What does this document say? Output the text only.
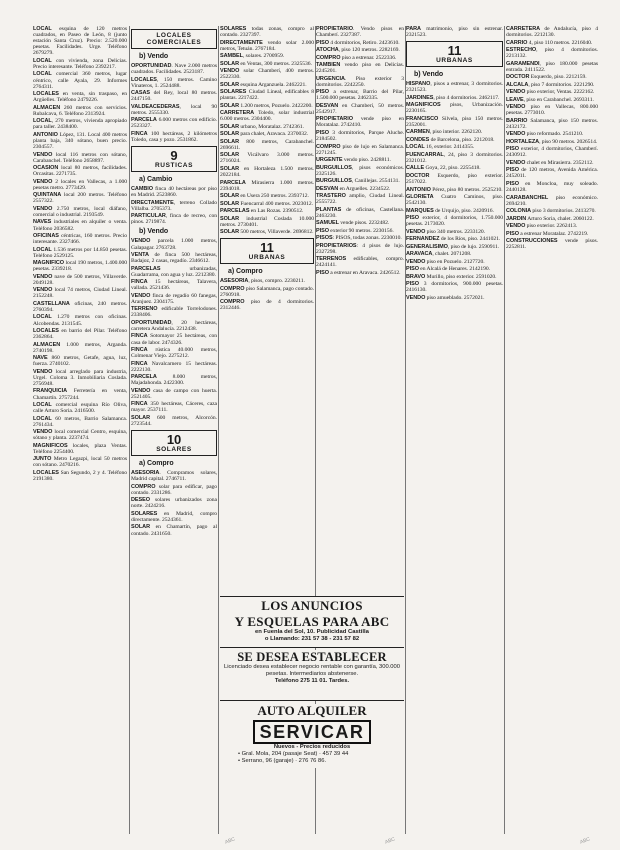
LOCAL esquina de 120 metros cuadrados, en Paseo de León, 8 (junto estación Santa Cruz). Precio: 2.520.000 pesetas. Facilidades. Urge. Teléfono 2679279.

LOCAL con vivienda, zona Delicias. Precio interesante. Teléfono 2392217.

LOCAL comercial 360 metros, lugar céntrico, calle Ayala, 29. Informes 2764311.

LOCALES en venta, sin traspaso, en Argüelles. Teléfono 2479226.

ALMACEN 260 metros con servicios. Rubalcava, 6. Teléfono 2313924.

LOCAL, 270 metros, vivienda apropiado para taller. 2438400.

ANTONIO López, 131. Local 400 metros planta baja, 340 sótano, buen precio. 2304557.

VENDO local 116 metros con sótano, Carabanchel. Teléfono 2658897.

OCASION local 80 metros, facilidades. Orcasitas. 2271735.

VENDO 2 locales en Vallecas, a 1.000 pesetas metro. 2773429.

QUINTANA local 200 metros. Teléfono 2557322.

VENDO 2.750 metros, local diáfano, comercial o industrial. 2193549.

NAVES industriales en alquiler o venta. Teléfono 2036582.

OFICINAS céntricas, 160 metros. Precio interesante. 2327466.

LOCAL 1.536 metros por 14.850 pesetas. Teléfono 2529125.

MAGNIFICO local 190 metros, 1.400.000 pesetas. 2339218.

VENDO nave de 500 metros, Villaverde. 2049128.

VENDO local 74 metros, Ciudad Lineal. 2152248.

CASTELLANA oficinas, 240 metros. 2760394.

LOCAL 1.270 metros con oficinas. Alcobendas. 2131545.

LOCALES en barrio del Pilar. Teléfono 2362864.

ALMACEN 1.000 metros, Arganda. 2740198.

NAVE 860 metros, Getafe, agua, luz, fuerza. 2740102.

VENDO local arreglado para industria, Urgel. Coloma 3. Inmobiliaria Coslada. 2756948.

FRANQUICIA Ferretería en venta, Chamartín. 2757244.

LOCAL comercial esquina Río Oliva, calle Arturo Soria. 2416500.

LOCAL 60 metros, Barrio Salamanca. 2761434.

VENDO local comercial Centro, esquina, sótano y planta. 2237474.

MAGNIFICOS locales, plaza Ventas. Teléfono 2254400.

JUNTO Metro Legazpi, local 50 metros con sótano. 2470216.

LOCALES San Segundo, 2 y 4. Teléfono 2191380.

LOCALES COMERCIALES
b) Vendo

OPORTUNIDAD. Nave 2.000 metros cuadrados. Facilidades. 2523187.

LOCALES, 150 metros. Camino Vinateros, 1. 2524488.

CASAS del Rey, local 80 metros. 2447150.

VALDEACEDERAS, local 90 metros. 2555330.

PARCELA 6.000 metros con edificio. 2523327.

FINCA 100 hectáreas, 2 kilómetros Toledo, casa y pozo. 2531862.

9
RUSTICAS
a) Cambio

CAMBIO finca 40 hectáreas por piso en Madrid. 2523860.

DIRECTAMENTE, terreno Collado Villalba. 2705373.

PARTICULAR, finca de recreo, con pinos. 2719874.

b) Vendo

VENDO parcela 1.000 metros, Galapagar. 2763728.

VENTA de finca 500 hectáreas, Badajoz, 2 casas, regadío. 2346612.

PARCELAS urbanizadas, Guadarrama, con agua y luz. 2212380.

FINCA 15 hectáreas, Talavera, vallada. 2521436.

VENDO finca de regadío 60 fanegas, Aranjuez. 2304175.

TERRENO edificable Torrelodones. 2338406.

OPORTUNIDAD, 20 hectáreas, carretera Andalucía. 2212438.

FINCA Sotomayor 25 hectáreas, con casa de labor. 2474326.

FINCA rústica 40.000 metros, Colmenar Viejo. 2275212.

FINCA Navalcarnero 15 hectáreas. 2222130.

PARCELA 8.000 metros, Majadahonda. 2422300.

VENDO casa de campo con huerta. 2521405.

FINCA 350 hectáreas, Cáceres, caza mayor. 2537111.

SOLAR 600 metros, Alcorcón. 2723544.

10
SOLARES
a) Compro

ASESORIA. Compramos solares, Madrid capital. 2746711.

COMPRO solar para edificar, pago contado. 2331286.

DESEO solares urbanizados zona norte. 2424216.

SOLARES en Madrid, compro directamente. 2524361.

SOLAR en Chamartín, pago al contado. 2431650.

SOLARES todas zonas, compro al contado. 2327397.

DIRECTAMENTE vendo solar 2.000 metros, Tetuán. 2767184.

SAMBEL, solares. 2700959.

SOLAR en Ventas, 300 metros. 2325536.

VENDO solar Chamberí, 400 metros. 2522330.

SOLAR esquina Arganzuela. 2462221.

SOLARES Ciudad Lineal, edificables 8 plantas. 2217422.

SOLAR 1.200 metros, Pozuelo. 2422200.

CARRETERA Toledo, solar industrial 6.000 metros. 2304400.

SOLAR urbano, Moratalaz. 2742361.

SOLAR para chalet, Aravaca. 2370032.

SOLAR 800 metros, Carabanchel. 2696611.

SOLAR Vicálvaro 3.000 metros. 2716024.

SOLAR en Hortaleza 1.500 metros. 2022184.

PARCELA Mirasierra 1.000 metros. 2394018.

SOLAR en Usera 250 metros. 2393712.

SOLAR Fuencarral 400 metros. 2023012.

PARCELAS en Las Rozas. 2390512.

SOLAR industrial Coslada 10.000 metros. 2730401.

SOLAR 500 metros, Villaverde. 2696812.

11
URBANAS
a) Compro

ASESORIA, pisos, compro. 2230211.

COMPRO piso Salamanca, pago contado. 2760918.

COMPRO piso de 4 dormitorios. 2312446.

PROPIETARIO. Vendo pisos en Chamberí. 2327387.

PISO 4 dormitorios, Retiro. 2423610.

ATOCHA, piso 120 metros. 2282169.

COMPRO piso a estrenar. 2522336.

TAMBIEN vendo piso en Delicias. 2245201.

URGENCIA. Piso exterior 3 dormitorios. 2242250.

PISO a estrenar, Barrio del Pilar, 1.500.000 pesetas. 2462335.

DESVAN en Chamberí, 50 metros. 2542917.

PROPIETARIO vende piso en Moratalaz. 2742410.

PISO 3 dormitorios, Parque Aluche. 2184502.

COMPRO piso de lujo en Salamanca. 2271245.

URGENTE vendo piso. 2428811.

BURGUILLOS, pisos económicos. 2325126.

BURGUILLOS, Canillejas. 2554131.

DESVAN en Arguelles. 2234522.

TRASTERO amplio, Ciudad Lineal. 2555722.

PLANTAS de oficinas, Castellana. 2463230.

SAMUEL vende pisos. 2232482.

PISO exterior 90 metros. 2230156.

PISOS: PISOS, todas zonas. 2230010.

PROPIETARIOS: 4 pisos de lujo. 2327298.

TERRENOS edificables, compro. 2424141.

PISO a estrenar en Aravaca. 2426512.

PARA matrimonio, piso sin estrenar. 2321523.

11
URBANAS
b) Vendo

HISPANO, pisos a estrenar, 3 dormitorios. 2321523.

JARDINES, piso 4 dormitorios. 2462117.

MAGNIFICOS pisos, Urbanización. 2230165.

FRANCISCO Silvela, piso 150 metros. 2352001.

CARMEN, piso interior. 2262120.

CONDES de Barcelona, piso. 2212018.

LOCAL 16, exterior. 2414355.

FUENCARRAL, 24, piso 3 dormitorios. 2321012.

CALLE Goya, 22, piso. 2255418.

DOCTOR Esquerdo, piso exterior. 2517022.

ANTONIO Pérez, piso 80 metros. 2525210.

GLORIETA Cuatro Caminos, piso. 2542130.

MARQUES de Urquijo, piso. 2420916.

PISO exterior, 4 dormitorios, 1.750.000 pesetas. 2173020.

VENDO piso 340 metros. 2233120.

FERNANDEZ de los Ríos, piso. 2441021.

GENERALISIMO, piso de lujo. 2590911.

ARAVACA, chalet. 2071208.

VENDO piso en Pozuelo. 2127720.

PISO en Alcalá de Henares. 2142190.

BRAVO Murillo, piso exterior. 2591020.

PISO 3 dormitorios, 900.000 pesetas. 2416130.

VENDO piso amueblado. 2572021.

CARRETERA de Andalucía, piso 4 dormitorios. 2212130.

CARRIO 4, piso 110 metros. 2216040.

ESTRECHO, piso 4 dormitorios. 2213132.

GARAMENDI, piso 180.000 pesetas entrada. 2411522.

DOCTOR Esquerdo, piso. 2212159.

ALCALA, piso 7 dormitorios. 2221290.

VENDO piso exterior, Ventas. 2222162.

LEAVE, piso en Carabanchel. 2693311.

VENDO piso en Vallecas, 800.000 pesetas. 2773010.

BARRIO Salamanca, piso 150 metros. 2432172.

VENDO piso reformado. 2541210.

HORTALEZA, piso 90 metros. 2026514.

PISO exterior, 4 dormitorios, Chamberí. 2430912.

VENDO chalet en Mirasierra. 2352112.

PISO de 120 metros, Avenida América. 2452011.

PISO en Moncloa, muy soleado. 2440128.

CARABANCHEL piso económico. 2694210.

COLONIA piso 3 dormitorios. 2413270.

JARDIN Arturo Soria, chalet. 2060122.

VENDO piso exterior. 2262413.

PISO a estrenar Moratalaz. 2742219.

CONSTRUCCIONES vende pisos. 2252811.

LOS ANUNCIOS
Y ESQUELAS PARA ABC
en Fuenla del Sol, 10. Publicidad Castilla
o Llamando: 231 57 38 - 231 57 82
SE DESEA ESTABLECER
Licenciado desea establecer negocio rentable con garantía, 300.000 pesetas. Intermediarios abstenerse.
Teléfono 275 11 01. Tardes.
AUTO ALQUILER
SERVICAR
Nuevos - Precios reducidos
• Gral. Mola, 204 (pasaje Seat) · 457 39 44
• Serrano, 96 (garaje) · 276 76 86.
ABC	ABC	ABC
